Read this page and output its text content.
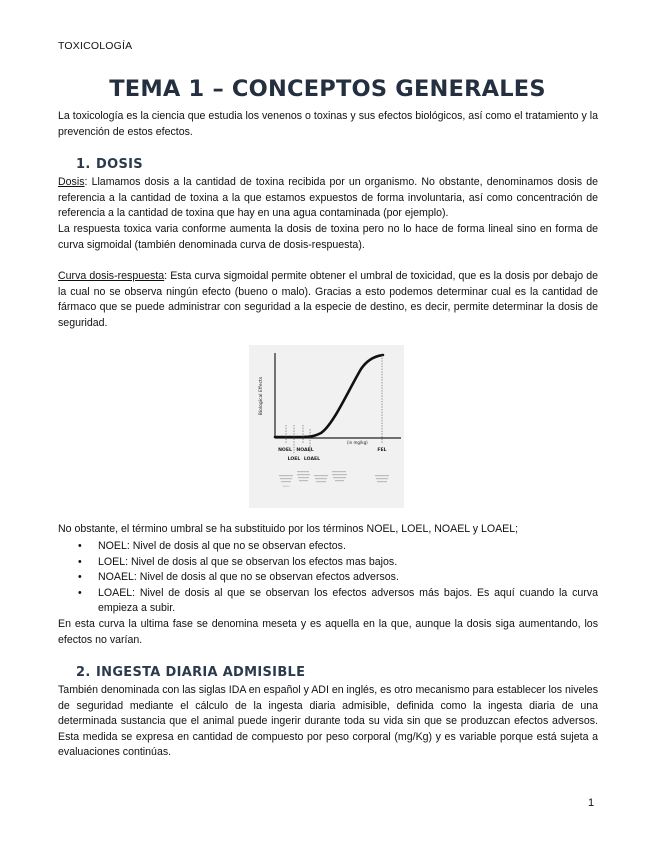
TOXICOLOGÍA
TEMA 1 – CONCEPTOS GENERALES
La toxicología es la ciencia que estudia los venenos o toxinas y sus efectos biológicos, así como el tratamiento y la prevención de estos efectos.
1. DOSIS
Dosis: Llamamos dosis a la cantidad de toxina recibida por un organismo. No obstante, denominamos dosis de referencia a la cantidad de toxina a la que estamos expuestos de forma involuntaria, así como concentración de referencia a la cantidad de toxina que hay en una agua contaminada (por ejemplo).
La respuesta toxica varia conforme aumenta la dosis de toxina pero no lo hace de forma lineal sino en forma de curva sigmoidal (también denominada curva de dosis-respuesta).
Curva dosis-respuesta: Esta curva sigmoidal permite obtener el umbral de toxicidad, que es la dosis por debajo de la cual no se observa ningún efecto (bueno o malo). Gracias a esto podemos determinar cual es la cantidad de fármaco que se puede administrar con seguridad a la especie de destino, es decir, permite determinar la dosis de seguridad.
Biological Effects
(in mg/kg)
NOEL NOAEL	FEL
LOEL LOAEL
Level
No obstante, el término umbral se ha substituido por los términos NOEL, LOEL, NOAEL y LOAEL;
• NOEL: Nivel de dosis al que no se observan efectos.
• LOEL: Nivel de dosis al que se observan los efectos mas bajos.
• NOAEL: Nivel de dosis al que no se observan efectos adversos.
• LOAEL: Nivel de dosis al que se observan los efectos adversos más bajos. Es aquí cuando la curva empieza a subir.
En esta curva la ultima fase se denomina meseta y es aquella en la que, aunque la dosis siga aumentando, los efectos no varían.
2. INGESTA DIARIA ADMISIBLE
También denominada con las siglas IDA en español y ADI en inglés, es otro mecanismo para establecer los niveles de seguridad mediante el cálculo de la ingesta diaria admisible, definida como la ingesta diaria de una determinada sustancia que el animal puede ingerir durante toda su vida sin que se produzcan efectos adversos. Esta medida se expresa en cantidad de compuesto por peso corporal (mg/Kg) y es variable porque está sujeta a evaluaciones continúas.
1
